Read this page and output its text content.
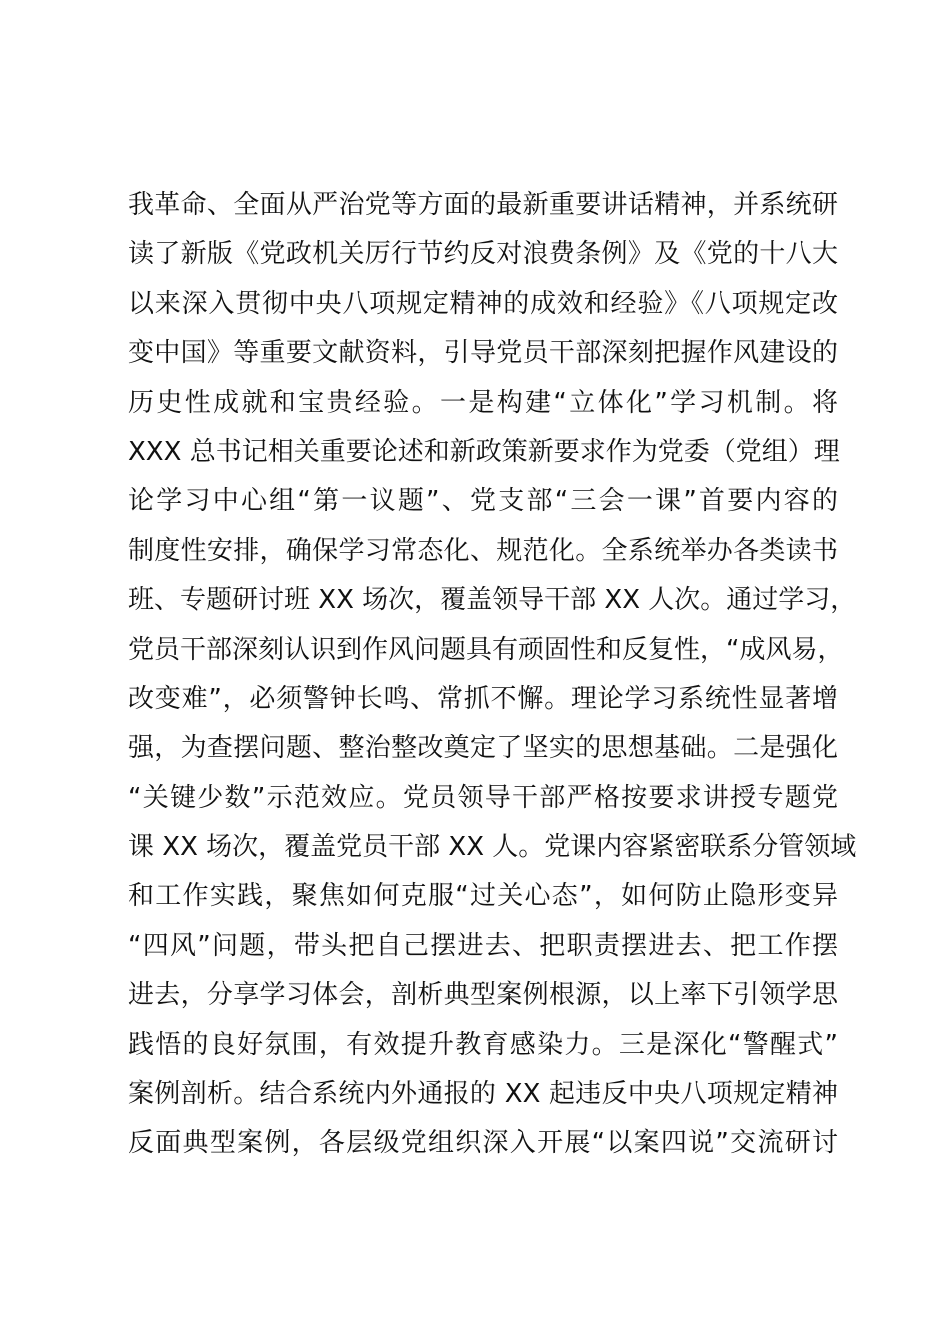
我革命、全面从严治党等方面的最新重要讲话精神，并系统研
读了新版《党政机关厉行节约反对浪费条例》及《党的十八大
以来深入贯彻中央八项规定精神的成效和经验》《八项规定改
变中国》等重要文献资料，引导党员干部深刻把握作风建设的
历史性成就和宝贵经验。一是构建“立体化”学习机制。将
XXX 总书记相关重要论述和新政策新要求作为党委（党组）理
论学习中心组“第一议题”、党支部“三会一课”首要内容的
制度性安排，确保学习常态化、规范化。全系统举办各类读书
班、专题研讨班 XX 场次，覆盖领导干部 XX 人次。通过学习，
党员干部深刻认识到作风问题具有顽固性和反复性，“成风易，
改变难”，必须警钟长鸣、常抓不懈。理论学习系统性显著增
强，为查摆问题、整治整改奠定了坚实的思想基础。二是强化
“关键少数”示范效应。党员领导干部严格按要求讲授专题党
课 XX 场次，覆盖党员干部 XX 人。党课内容紧密联系分管领域
和工作实践，聚焦如何克服“过关心态”，如何防止隐形变异
“四风”问题，带头把自己摆进去、把职责摆进去、把工作摆
进去，分享学习体会，剖析典型案例根源，以上率下引领学思
践悟的良好氛围，有效提升教育感染力。三是深化“警醒式”
案例剖析。结合系统内外通报的 XX 起违反中央八项规定精神
反面典型案例，各层级党组织深入开展“以案四说”交流研讨
